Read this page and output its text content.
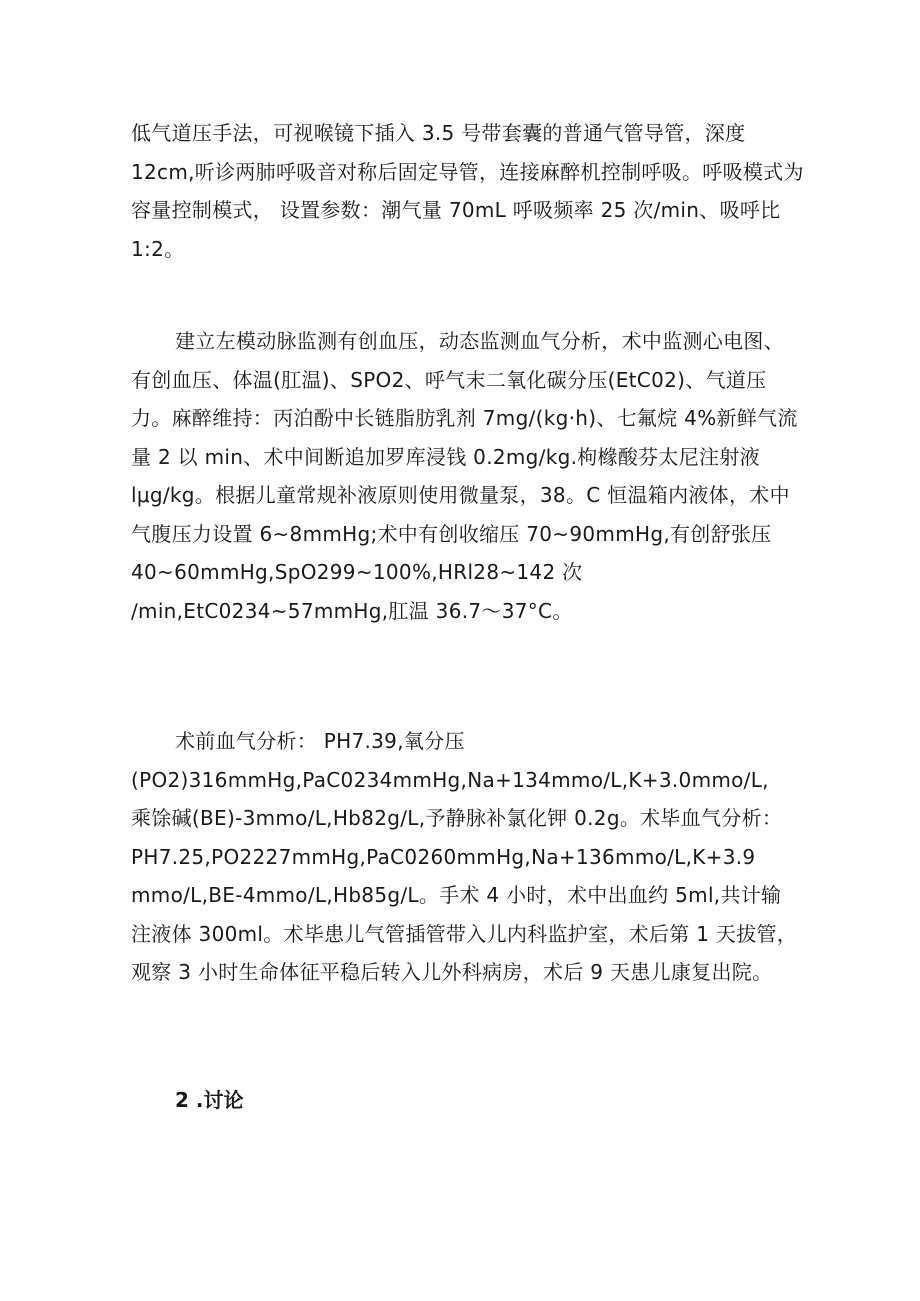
低气道压手法，可视喉镜下插入 3.5 号带套囊的普通气管导管，深度
12cm,听诊两肺呼吸音对称后固定导管，连接麻醉机控制呼吸。呼吸模式为
容量控制模式， 设置参数：潮气量 70mL 呼吸频率 25 次/min、吸呼比
1:2。

建立左模动脉监测有创血压，动态监测血气分析，术中监测心电图、
有创血压、体温(肛温)、SPO2、呼气末二氧化碳分压(EtC02)、气道压
力。麻醉维持：丙泊酚中长链脂肪乳剂 7mg∕(kg·h)、七氟烷 4%新鲜气流
量 2 以 min、术中间断追加罗库浸钱 0.2mg∕kg.枸橼酸芬太尼注射液
lμg∕kg。根据儿童常规补液原则使用微量泵，38。C 恒温箱内液体，术中
气腹压力设置 6~8mmHg;术中有创收缩压 70~90mmHg,有创舒张压
40~60mmHg,SpO299~100%,HRl28~142 次
∕min,EtC0234~57mmHg,肛温 36.7～37°C。

术前血气分析： PH7.39,氧分压
(PO2)316mmHg,PaC0234mmHg,Na+134mmo∕L,K+3.0mmo∕L,
乘馀碱(BE)-3mmo∕L,Hb82g∕L,予静脉补氯化钾 0.2g。术毕血气分析：
PH7.25,PO2227mmHg,PaC0260mmHg,Na+136mmo∕L,K+3.9
mmo∕L,BE-4mmo∕L,Hb85g∕L。手术 4 小时，术中出血约 5ml,共计输
注液体 300ml。术毕患儿气管插管带入儿内科监护室，术后第 1 天拔管，
观察 3 小时生命体征平稳后转入儿外科病房，术后 9 天患儿康复出院。

2 .讨论
